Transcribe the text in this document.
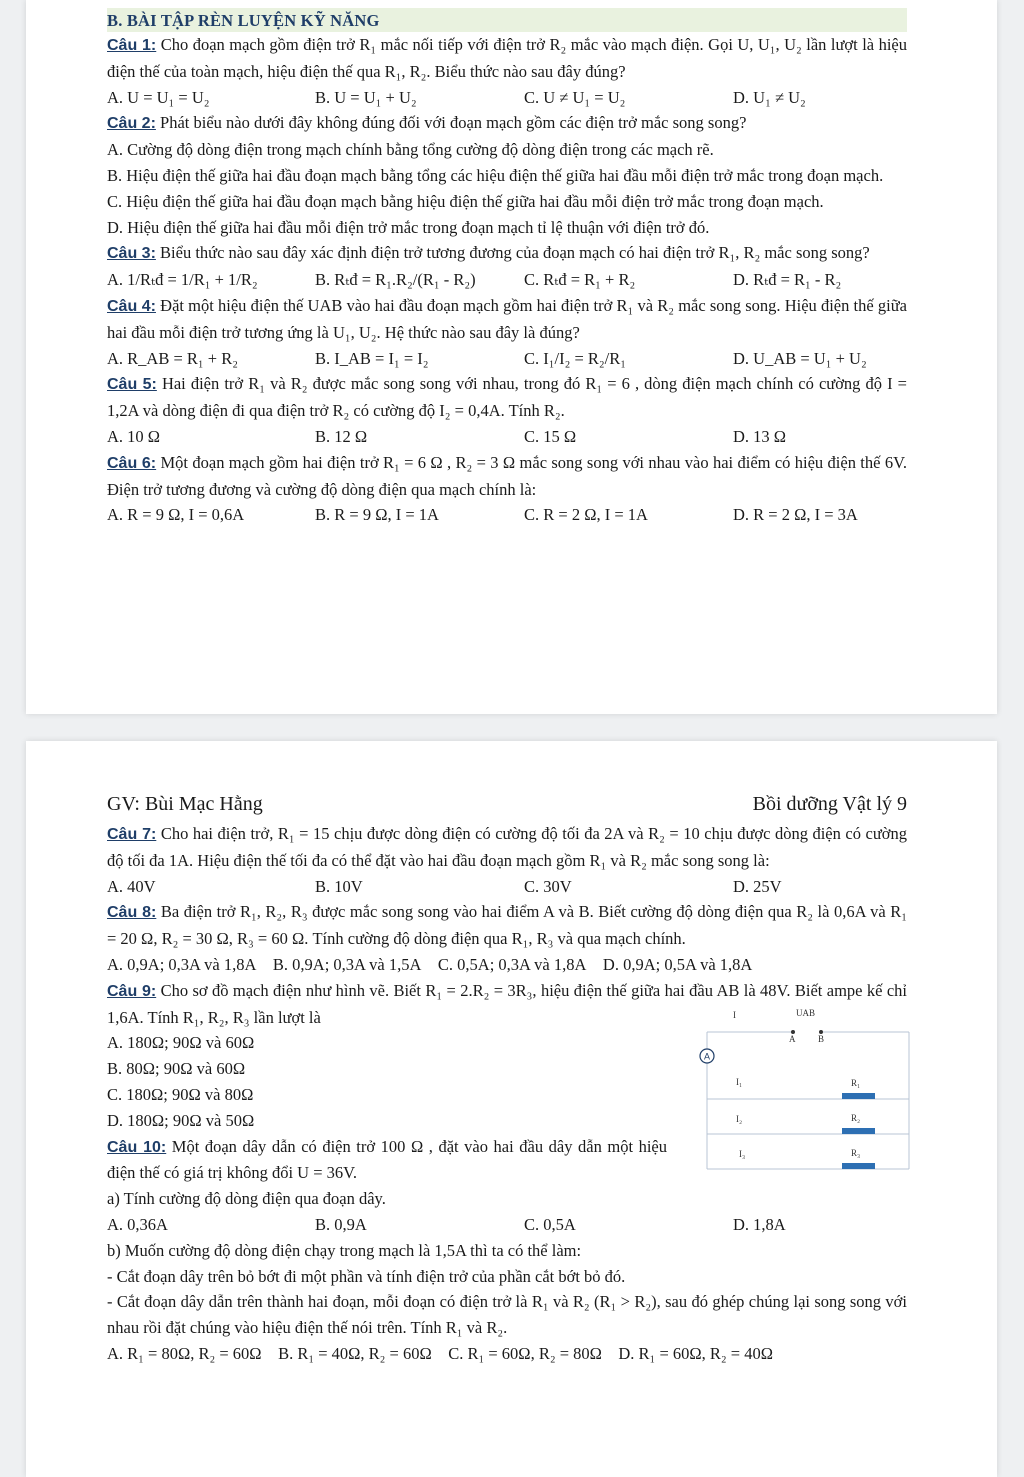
B. BÀI TẬP RÈN LUYỆN KỸ NĂNG
Câu 1: Cho đoạn mạch gồm điện trở R₁ mắc nối tiếp với điện trở R₂ mắc vào mạch điện. Gọi U, U₁, U₂ lần lượt là hiệu điện thế của toàn mạch, hiệu điện thế qua R₁, R₂. Biểu thức nào sau đây đúng?
A. U = U₁ = U₂	B. U = U₁ + U₂	C. U ≠ U₁ = U₂	D. U₁ ≠ U₂
Câu 2: Phát biểu nào dưới đây không đúng đối với đoạn mạch gồm các điện trở mắc song song?
A. Cường độ dòng điện trong mạch chính bằng tổng cường độ dòng điện trong các mạch rẽ.
B. Hiệu điện thế giữa hai đầu đoạn mạch bằng tổng các hiệu điện thế giữa hai đầu mỗi điện trở mắc trong đoạn mạch.
C. Hiệu điện thế giữa hai đầu đoạn mạch bằng hiệu điện thế giữa hai đầu mỗi điện trở mắc trong đoạn mạch.
D. Hiệu điện thế giữa hai đầu mỗi điện trở mắc trong đoạn mạch tỉ lệ thuận với điện trở đó.
Câu 3: Biểu thức nào sau đây xác định điện trở tương đương của đoạn mạch có hai điện trở R₁, R₂ mắc song song?
A. 1/Rₜđ = 1/R₁ + 1/R₂	B. Rₜđ = R₁.R₂/(R₁ - R₂)	C. Rₜđ = R₁ + R₂	D. Rₜđ = R₁ - R₂
Câu 4: Đặt một hiệu điện thế UAB vào hai đầu đoạn mạch gồm hai điện trở R₁ và R₂ mắc song song. Hiệu điện thế giữa hai đầu mỗi điện trở tương ứng là U₁, U₂. Hệ thức nào sau đây là đúng?
A. R_AB = R₁ + R₂	B. I_AB = I₁ = I₂	C. I₁/I₂ = R₂/R₁	D. U_AB = U₁ + U₂
Câu 5: Hai điện trở R₁ và R₂ được mắc song song với nhau, trong đó R₁ = 6 , dòng điện mạch chính có cường độ I = 1,2A và dòng điện đi qua điện trở R₂ có cường độ I₂ = 0,4A. Tính R₂.
A. 10 Ω	B. 12 Ω	C. 15 Ω	D. 13 Ω
Câu 6: Một đoạn mạch gồm hai điện trở R₁ = 6 Ω , R₂ = 3 Ω mắc song song với nhau vào hai điểm có hiệu điện thế 6V. Điện trở tương đương và cường độ dòng điện qua mạch chính là:
A. R = 9 Ω, I = 0,6A	B. R = 9 Ω, I = 1A	C. R = 2 Ω, I = 1A	D. R = 2 Ω, I = 3A
GV: Bùi Mạc Hằng	Bồi dưỡng Vật lý 9
Câu 7: Cho hai điện trở, R₁ = 15 chịu được dòng điện có cường độ tối đa 2A và R₂ = 10 chịu được dòng điện có cường độ tối đa 1A. Hiệu điện thế tối đa có thể đặt vào hai đầu đoạn mạch gồm R₁ và R₂ mắc song song là:
A. 40V	B. 10V	C. 30V	D. 25V
Câu 8: Ba điện trở R₁, R₂, R₃ được mắc song song vào hai điểm A và B. Biết cường độ dòng điện qua R₂ là 0,6A và R₁ = 20 Ω, R₂ = 30 Ω, R₃ = 60 Ω. Tính cường độ dòng điện qua R₁, R₃ và qua mạch chính.
A. 0,9A; 0,3A và 1,8A B. 0,9A; 0,3A và 1,5A C. 0,5A; 0,3A và 1,8A D. 0,9A; 0,5A và 1,8A
Câu 9: Cho sơ đồ mạch điện như hình vẽ. Biết R₁ = 2.R₂ = 3R₃, hiệu điện thế giữa hai đầu AB là 48V. Biết ampe kế chỉ 1,6A. Tính R₁, R₂, R₃ lần lượt là
A. 180Ω; 90Ω và 60Ω
B. 80Ω; 90Ω và 60Ω
C. 180Ω; 90Ω và 80Ω
D. 180Ω; 90Ω và 50Ω
Câu 10: Một đoạn dây dẫn có điện trở 100 Ω , đặt vào hai đầu dây dẫn một hiệu điện thế có giá trị không đổi U = 36V.
a) Tính cường độ dòng điện qua đoạn dây.
I	UAB
A	B
A
I₁
I₂
I₃
R₁
R₂
R₃
A. 0,36A	B. 0,9A	C. 0,5A	D. 1,8A
b) Muốn cường độ dòng điện chạy trong mạch là 1,5A thì ta có thể làm:
- Cắt đoạn dây trên bỏ bớt đi một phần và tính điện trở của phần cắt bớt bỏ đó.
- Cắt đoạn dây dẫn trên thành hai đoạn, mỗi đoạn có điện trở là R₁ và R₂ (R₁ > R₂), sau đó ghép chúng lại song song với nhau rồi đặt chúng vào hiệu điện thế nói trên. Tính R₁ và R₂.
A. R₁ = 80Ω, R₂ = 60Ω B. R₁ = 40Ω, R₂ = 60Ω C. R₁ = 60Ω, R₂ = 80Ω D. R₁ = 60Ω, R₂ = 40Ω
